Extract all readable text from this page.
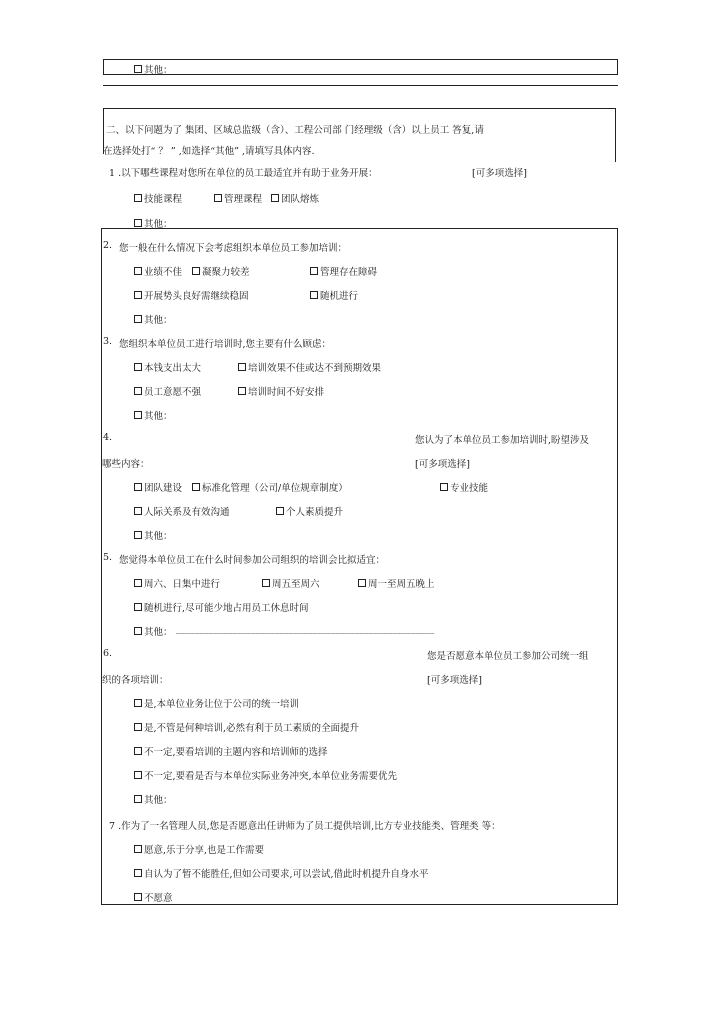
其他：
二、以下问题为了 集团、区域总监级（含）、工程公司部 门经理级（含）以上员工 答复,请
在选择处打“ ？ ” ,如选择“其他” ,请填写具体内容.
1 .以下哪些课程对您所在单位的员工最适宜并有助于业务开展：	[可多项选择]
技能课程	管理课程	团队熔炼
其他：
2. 您一般在什么情况下会考虑组织本单位员工参加培训：
业绩不佳	凝聚力较差	管理存在障碍
开展势头良好需继续稳固	随机进行
其他：
3. 您组织本单位员工进行培训时,您主要有什么顾虑：
本钱支出太大	培训效果不佳或达不到预期效果
员工意愿不强	培训时间不好安排
其他：
4.	您认为了本单位员工参加培训时,盼望涉及
哪些内容：	[可多项选择]
团队建设	标准化管理（公司/单位规章制度）	专业技能
人际关系及有效沟通	个人素质提升
其他：
5. 您觉得本单位员工在什么时间参加公司组织的培训会比拟适宜：
周六、日集中进行	周五至周六	周一至周五晚上
随机进行,尽可能少地占用员工休息时间
其他： _______________________________________________________
6.	您是否愿意本单位员工参加公司统一组
织的各项培训：	[可多项选择]
是,本单位业务让位于公司的统一培训
是,不管是何种培训,必然有利于员工素质的全面提升
不一定,要看培训的主题内容和培训师的选择
不一定,要看是否与本单位实际业务冲突,本单位业务需要优先
其他：
7 .作为了一名管理人员,您是否愿意出任讲师为了员工提供培训,比方专业技能类、管理类 等：
愿意,乐于分享,也是工作需要
自认为了暂不能胜任,但如公司要求,可以尝试,借此时机提升自身水平
不愿意
